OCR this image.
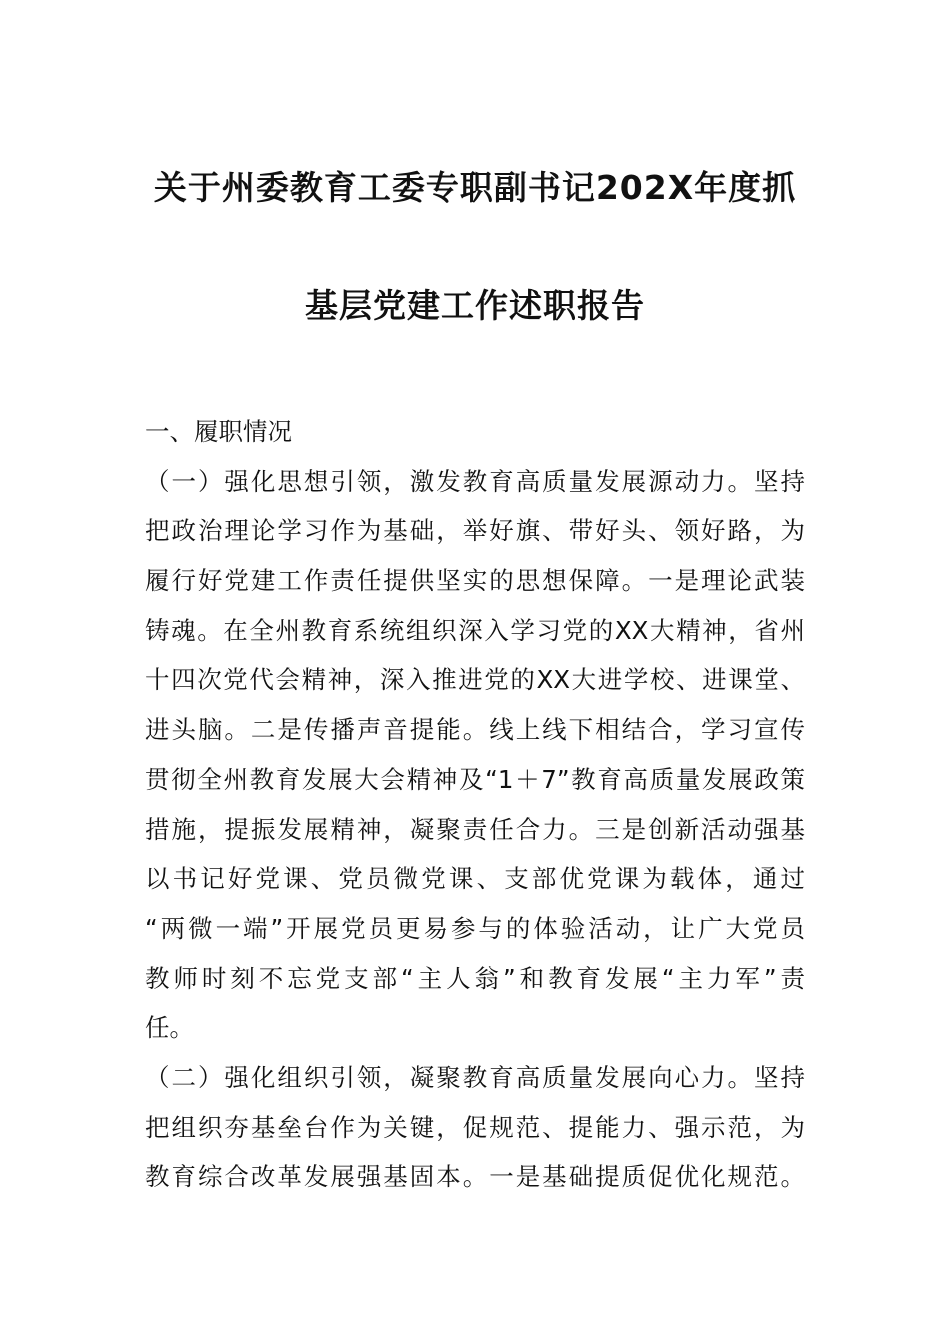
关于州委教育工委专职副书记202X年度抓
基层党建工作述职报告
一、履职情况
（一）强化思想引领，激发教育高质量发展源动力。坚持
把政治理论学习作为基础，举好旗、带好头、领好路，为
履行好党建工作责任提供坚实的思想保障。一是理论武装
铸魂。在全州教育系统组织深入学习党的XX大精神，省州
十四次党代会精神，深入推进党的XX大进学校、进课堂、
进头脑。二是传播声音提能。线上线下相结合，学习宣传
贯彻全州教育发展大会精神及“1＋7”教育高质量发展政策
措施，提振发展精神，凝聚责任合力。三是创新活动强基
以书记好党课、党员微党课、支部优党课为载体，通过
“两微一端”开展党员更易参与的体验活动，让广大党员
教师时刻不忘党支部“主人翁”和教育发展“主力军”责
任。
（二）强化组织引领，凝聚教育高质量发展向心力。坚持
把组织夯基垒台作为关键，促规范、提能力、强示范，为
教育综合改革发展强基固本。一是基础提质促优化规范。
